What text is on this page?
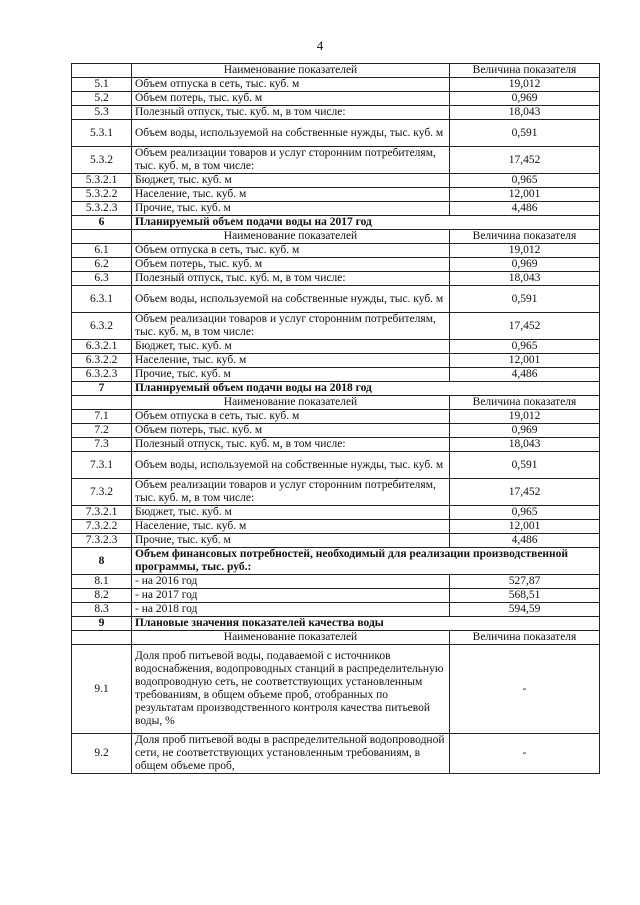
4
	Наименование показателей	Величина показателя
5.1	Объем отпуска в сеть, тыс. куб. м	19,012
5.2	Объем потерь, тыс. куб. м	0,969
5.3	Полезный отпуск, тыс. куб. м, в том числе:	18,043
5.3.1	Объем воды, используемой на собственные нужды, тыс. куб. м	0,591
5.3.2	Объем реализации товаров и услуг сторонним потребителям, тыс. куб. м, в том числе:	17,452
5.3.2.1	Бюджет, тыс. куб. м	0,965
5.3.2.2	Население, тыс. куб. м	12,001
5.3.2.3	Прочие, тыс. куб. м	4,486
6	Планируемый объем подачи воды на 2017 год	
	Наименование показателей	Величина показателя
6.1	Объем отпуска в сеть, тыс. куб. м	19,012
6.2	Объем потерь, тыс. куб. м	0,969
6.3	Полезный отпуск, тыс. куб. м, в том числе:	18,043
6.3.1	Объем воды, используемой на собственные нужды, тыс. куб. м	0,591
6.3.2	Объем реализации товаров и услуг сторонним потребителям, тыс. куб. м, в том числе:	17,452
6.3.2.1	Бюджет, тыс. куб. м	0,965
6.3.2.2	Население, тыс. куб. м	12,001
6.3.2.3	Прочие, тыс. куб. м	4,486
7	Планируемый объем подачи воды на 2018 год	
	Наименование показателей	Величина показателя
7.1	Объем отпуска в сеть, тыс. куб. м	19,012
7.2	Объем потерь, тыс. куб. м	0,969
7.3	Полезный отпуск, тыс. куб. м, в том числе:	18,043
7.3.1	Объем воды, используемой на собственные нужды, тыс. куб. м	0,591
7.3.2	Объем реализации товаров и услуг сторонним потребителям, тыс. куб. м, в том числе:	17,452
7.3.2.1	Бюджет, тыс. куб. м	0,965
7.3.2.2	Население, тыс. куб. м	12,001
7.3.2.3	Прочие, тыс. куб. м	4,486
8	Объем финансовых потребностей, необходимый для реализации производственной программы, тыс. руб.:	
8.1	- на 2016 год	527,87
8.2	- на 2017 год	568,51
8.3	- на 2018 год	594,59
9	Плановые значения показателей качества воды	
	Наименование показателей	Величина показателя
9.1	Доля проб питьевой воды, подаваемой с источников водоснабжения, водопроводных станций в распределительную водопроводную сеть, не соответствующих установленным требованиям, в общем объеме проб, отобранных по результатам производственного контроля качества питьевой воды, %	-
9.2	Доля проб питьевой воды в распределительной водопроводной сети, не соответствующих установленным требованиям, в общем объеме проб,	-
